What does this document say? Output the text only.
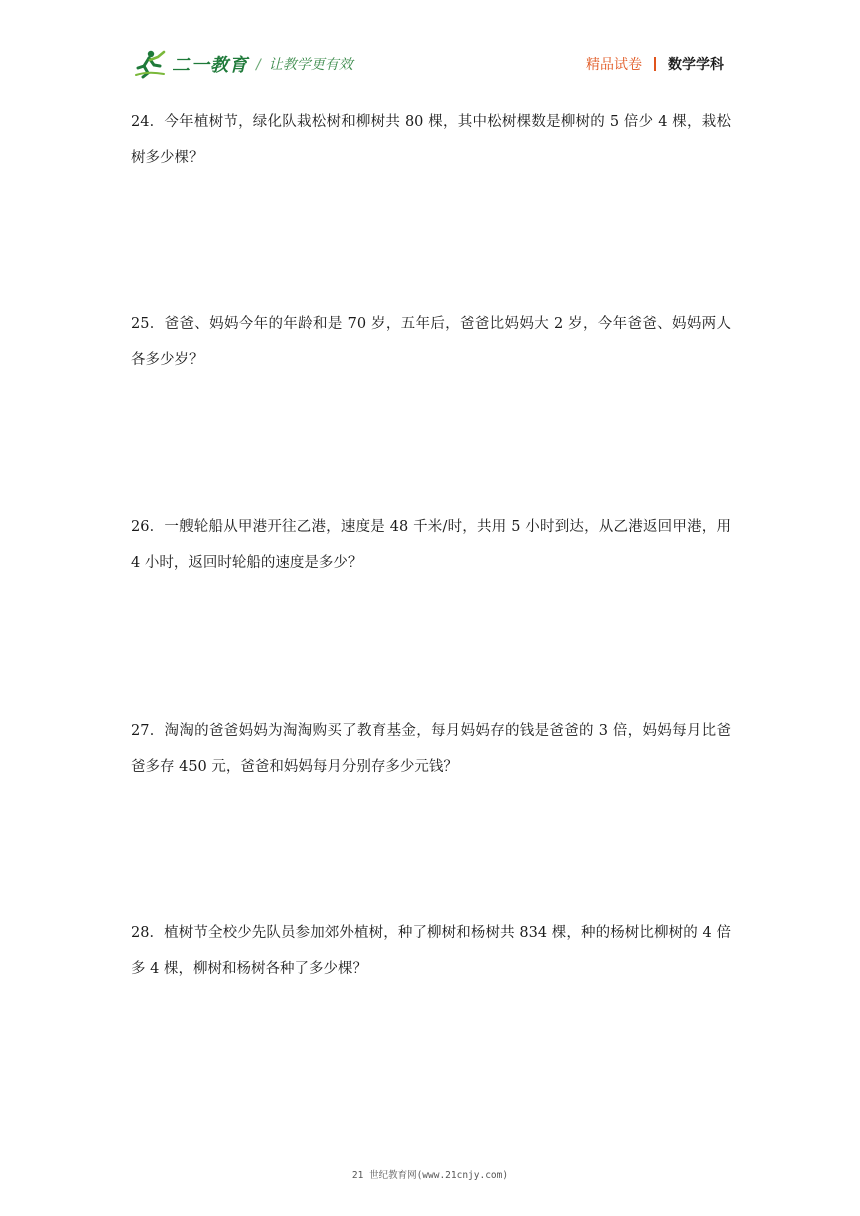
二一教育 / 让教学更有效	精品试卷 数学学科
24．今年植树节，绿化队栽松树和柳树共 80 棵，其中松树棵数是柳树的 5 倍少 4 棵，栽松树多少棵？
25．爸爸、妈妈今年的年龄和是 70 岁，五年后，爸爸比妈妈大 2 岁，今年爸爸、妈妈两人各多少岁？
26．一艘轮船从甲港开往乙港，速度是 48 千米/时，共用 5 小时到达，从乙港返回甲港，用 4 小时，返回时轮船的速度是多少？
27．淘淘的爸爸妈妈为淘淘购买了教育基金，每月妈妈存的钱是爸爸的 3 倍，妈妈每月比爸爸多存 450 元，爸爸和妈妈每月分别存多少元钱？
28．植树节全校少先队员参加郊外植树，种了柳树和杨树共 834 棵，种的杨树比柳树的 4 倍多 4 棵，柳树和杨树各种了多少棵？
21 世纪教育网(www.21cnjy.com)
